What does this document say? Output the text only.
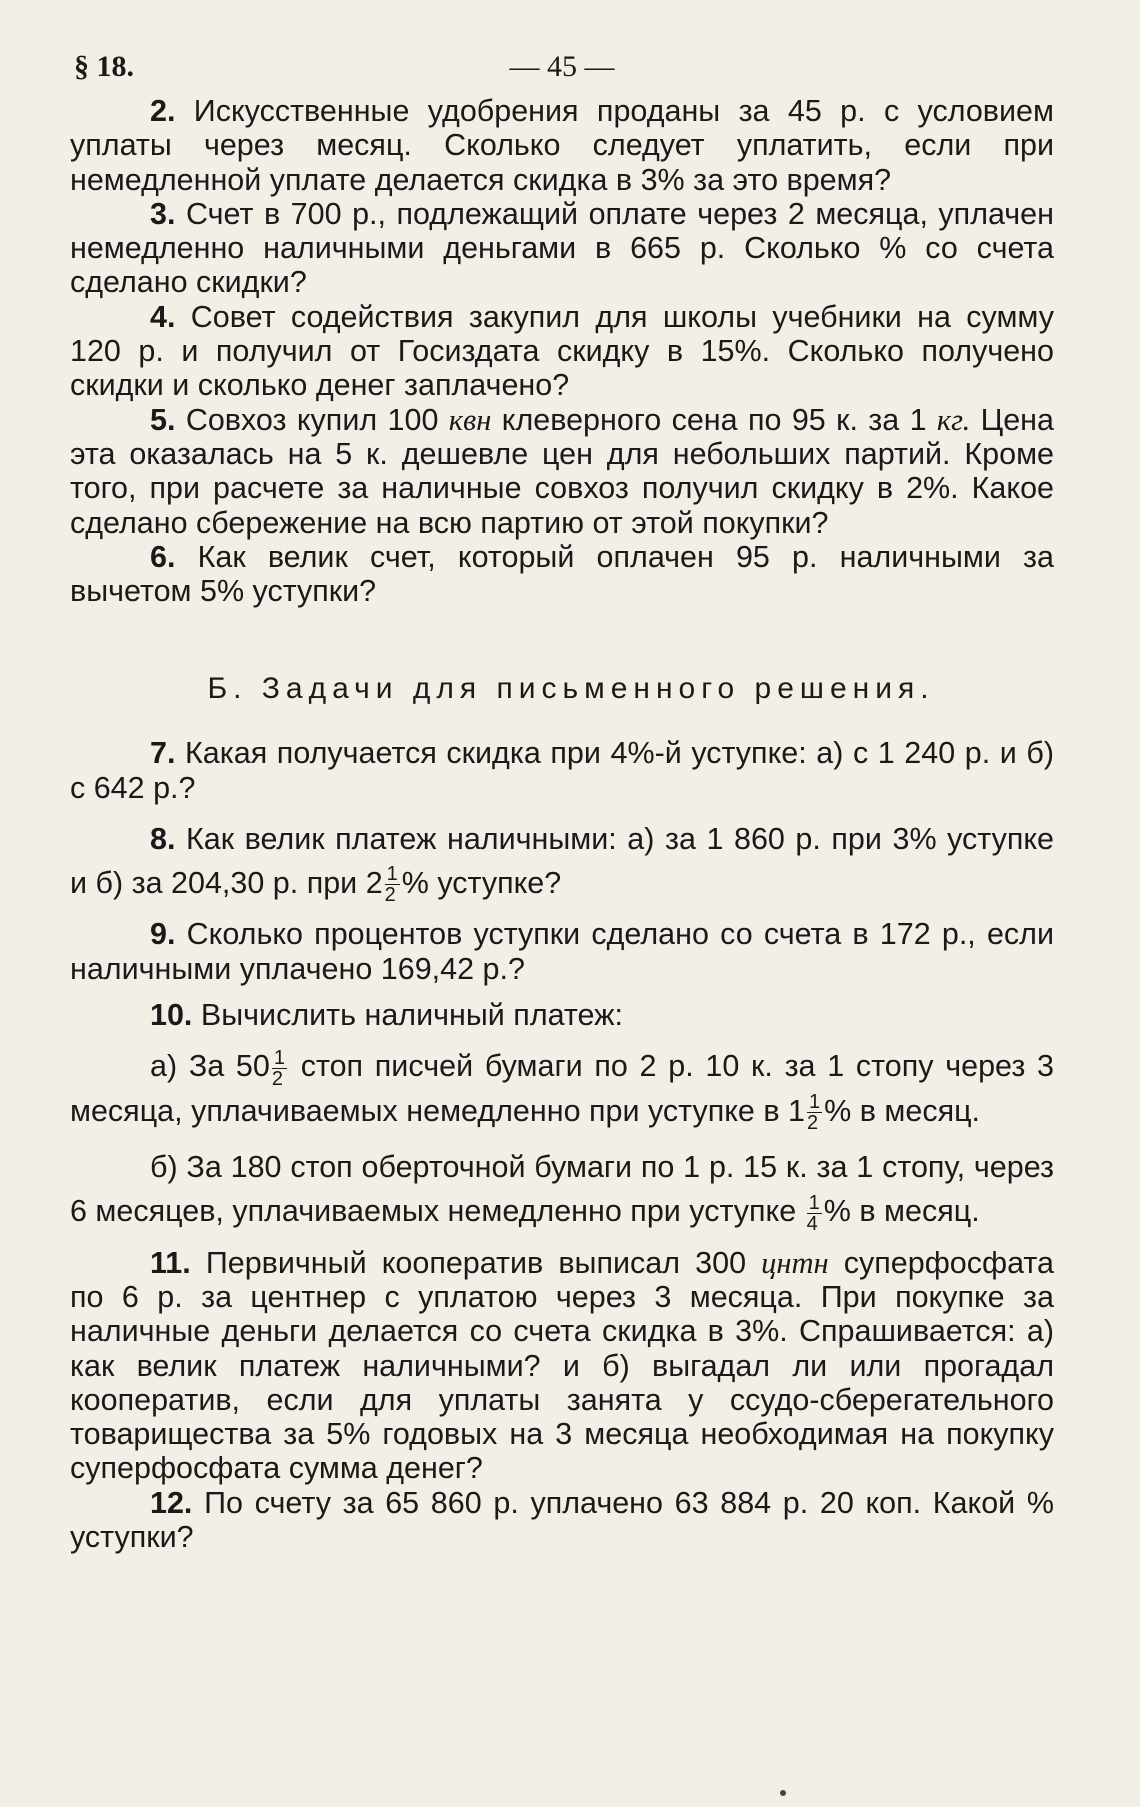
§ 18.	— 45 —

2. Искусственные удобрения проданы за 45 р. с условием уплаты через месяц. Сколько следует уплатить, если при немедленной уплате делается скидка в 3% за это время?

3. Счет в 700 р., подлежащий оплате через 2 месяца, уплачен немедленно наличными деньгами в 665 р. Сколько % со счета сделано скидки?

4. Совет содействия закупил для школы учебники на сумму 120 р. и получил от Госиздата скидку в 15%. Сколько получено скидки и сколько денег заплачено?

5. Совхоз купил 100 квн клеверного сена по 95 к. за 1 кг. Цена эта оказалась на 5 к. дешевле цен для небольших партий. Кроме того, при расчете за наличные совхоз получил скидку в 2%. Какое сделано сбережение на всю партию от этой покупки?

6. Как велик счет, который оплачен 95 р. наличными за вычетом 5% уступки?

Б. Задачи для письменного решения.

7. Какая получается скидка при 4%-й уступке: а) с 1 240 р. и б) с 642 р.?

8. Как велик платеж наличными: а) за 1 860 р. при 3% уступке и б) за 204,30 р. при $2 \frac{1}{2}$ % уступке?

9. Сколько процентов уступки сделано со счета в 172 р., если наличными уплачено 169,42 р.?

10. Вычислить наличный платеж:

а) За $50 \frac{1}{2}$ стоп писчей бумаги по 2 р. 10 к. за 1 стопу через 3 месяца, уплачиваемых немедленно при уступке в $1 \frac{1}{2}$ % в месяц.

б) За 180 стоп оберточной бумаги по 1 р. 15 к. за 1 стопу, через 6 месяцев, уплачиваемых немедленно при уступке $\frac{1}{4}$ % в месяц.

11. Первичный кооператив выписал 300 цнтн суперфосфата по 6 р. за центнер с уплатою через 3 месяца. При покупке за наличные деньги делается со счета скидка в 3%. Спрашивается: а) как велик платеж наличными? и б) выгадал ли или прогадал кооператив, если для уплаты занята у ссудо-сберегательного товарищества за 5% годовых на 3 месяца необходимая на покупку суперфосфата сумма денег?

12. По счету за 65 860 р. уплачено 63 884 р. 20 коп. Какой % уступки?
